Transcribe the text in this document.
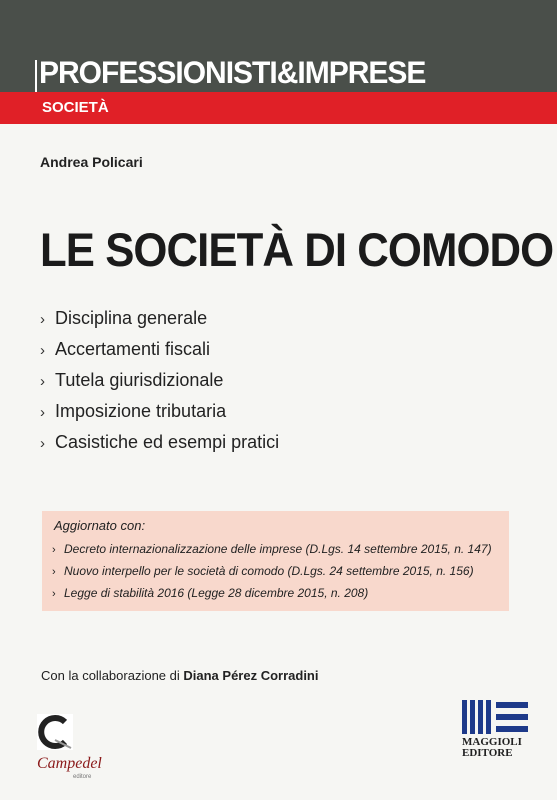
PROFESSIONISTI&IMPRESE
SOCIETÀ
Andrea Policari
LE SOCIETÀ DI COMODO
› Disciplina generale
› Accertamenti fiscali
› Tutela giurisdizionale
› Imposizione tributaria
› Casistiche ed esempi pratici
Aggiornato con:
› Decreto internazionalizzazione delle imprese (D.Lgs. 14 settembre 2015, n. 147)
› Nuovo interpello per le società di comodo (D.Lgs. 24 settembre 2015, n. 156)
› Legge di stabilità 2016 (Legge 28 dicembre 2015, n. 208)
Con la collaborazione di Diana Pérez Corradini
Campedel
editore
MAGGIOLI
EDITORE
